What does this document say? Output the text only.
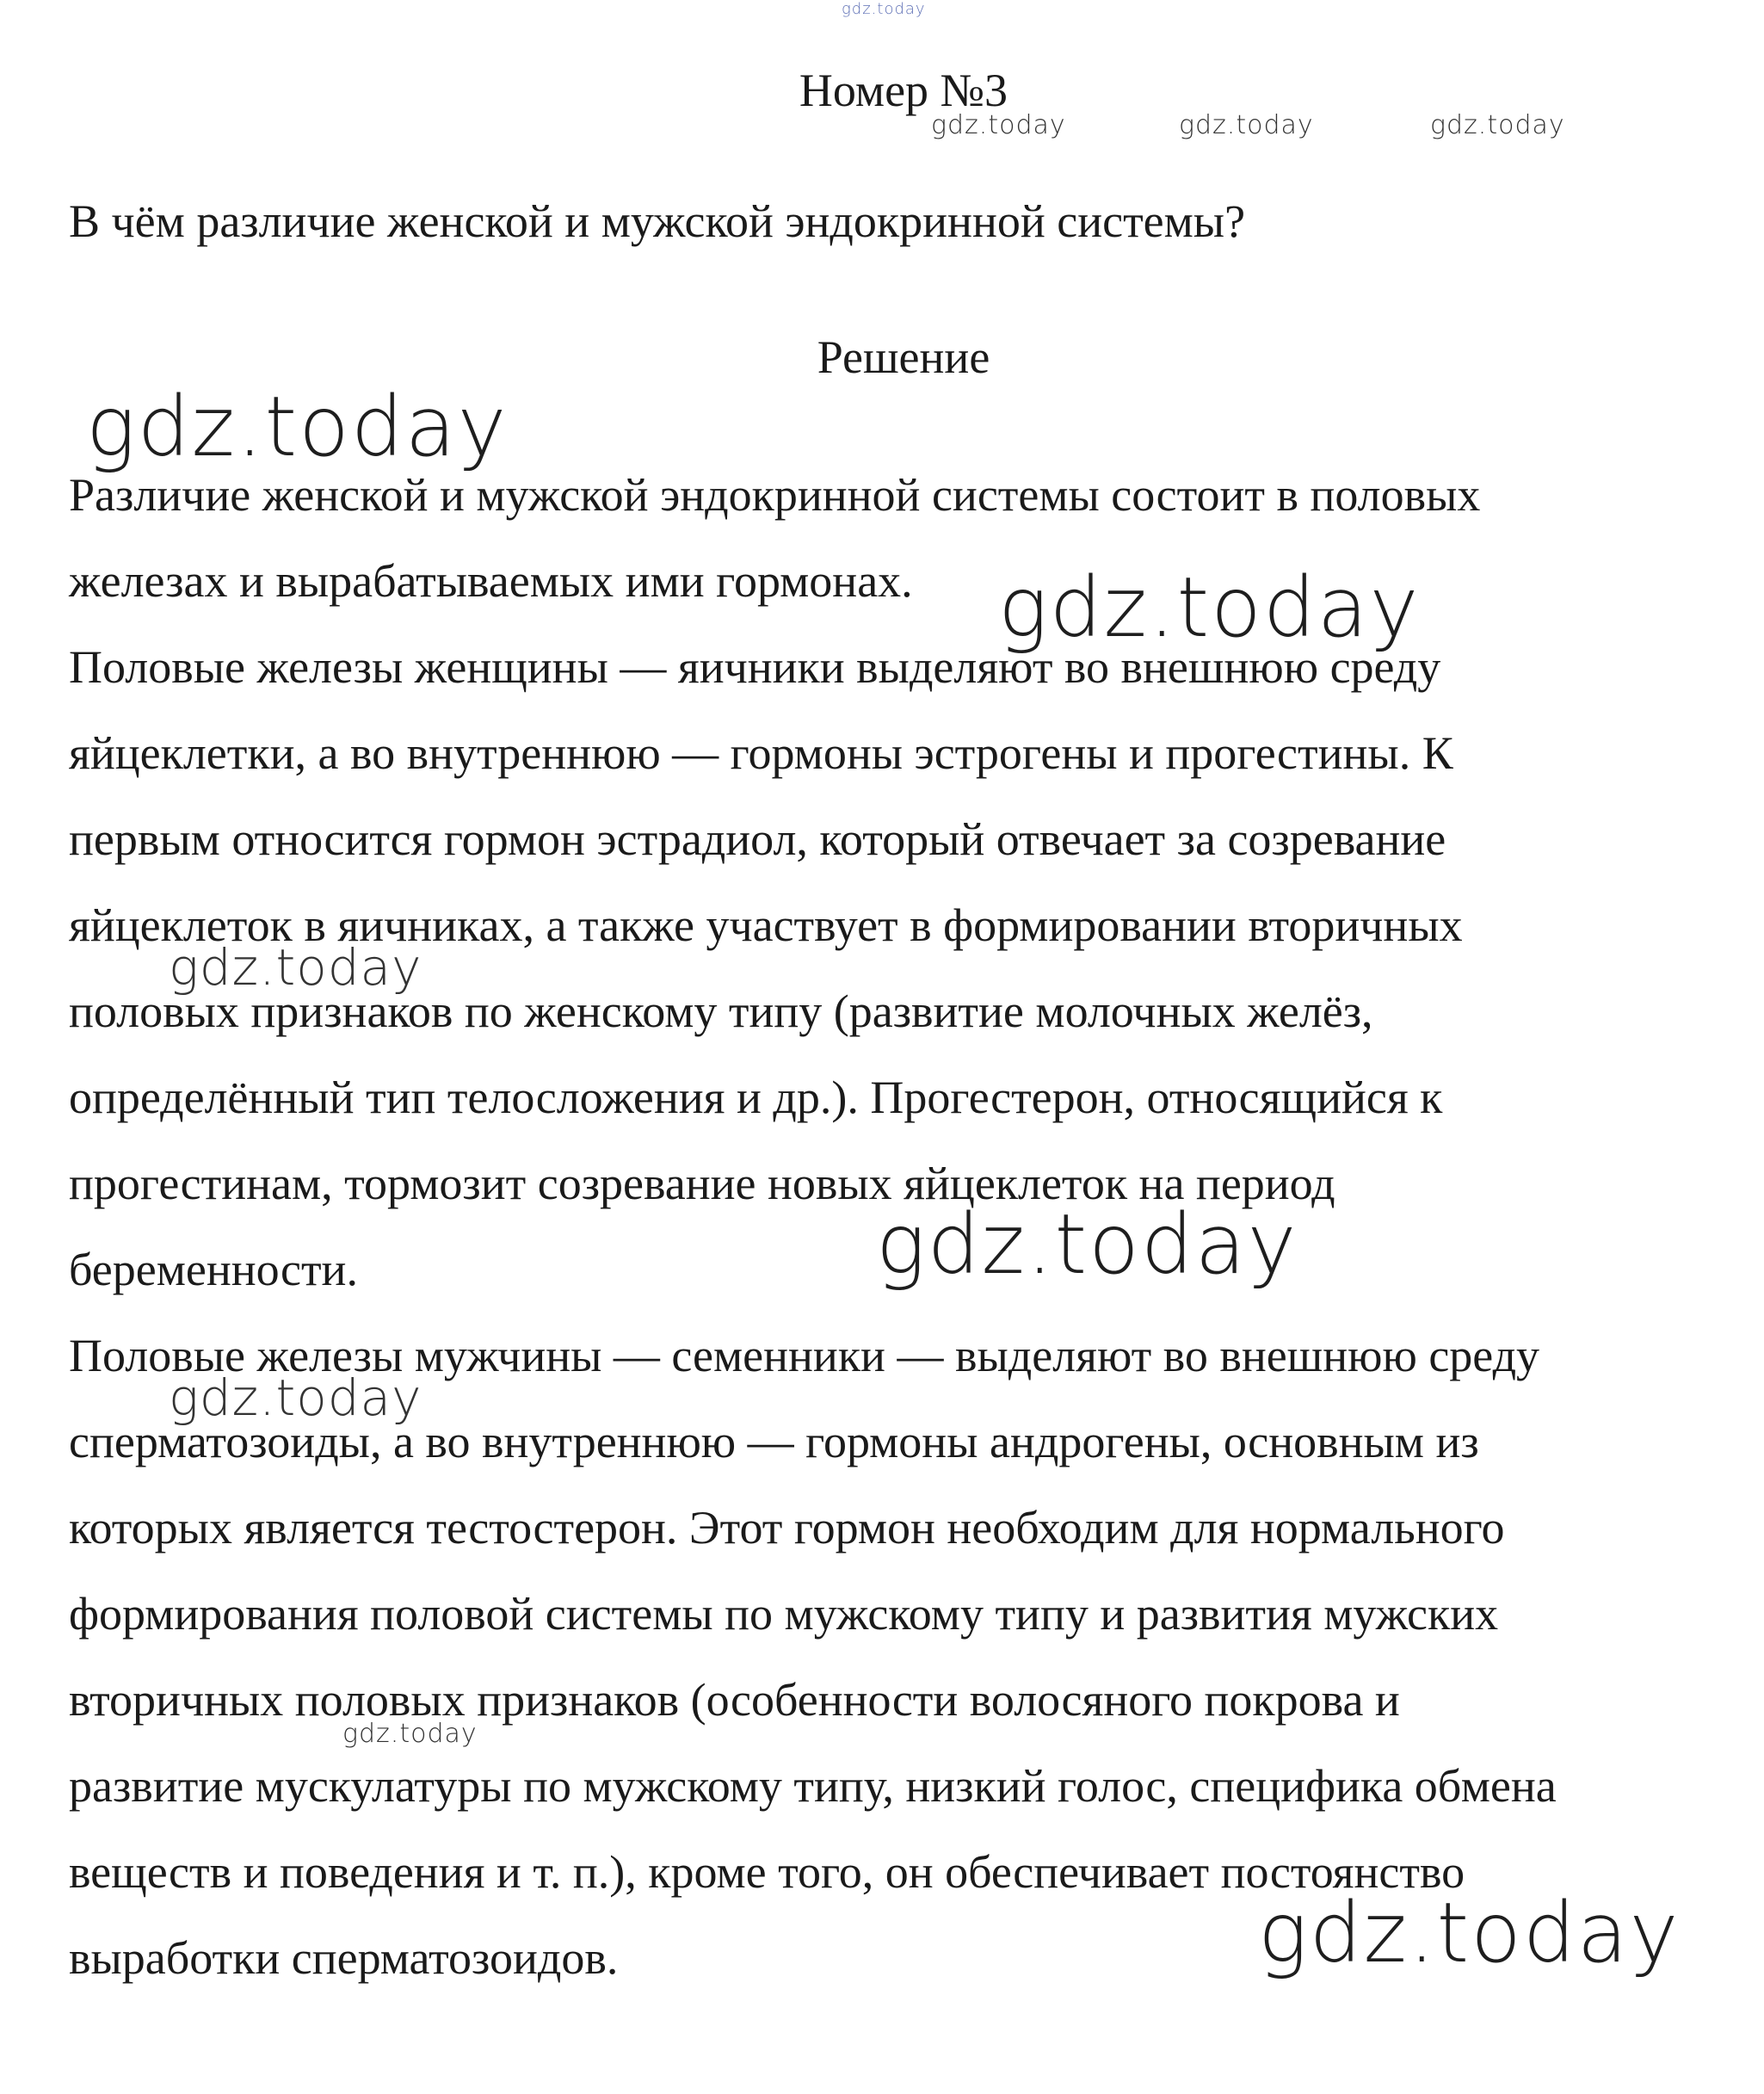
Номер №3

В чём различие женской и мужской эндокринной системы?

Решение

Различие женской и мужской эндокринной системы состоит в половых

железах и вырабатываемых ими гормонах.

Половые железы женщины — яичники выделяют во внешнюю среду

яйцеклетки, а во внутреннюю — гормоны эстрогены и прогестины. К

первым относится гормон эстрадиол, который отвечает за созревание

яйцеклеток в яичниках, а также участвует в формировании вторичных

половых признаков по женскому типу (развитие молочных желёз,

определённый тип телосложения и др.). Прогестерон, относящийся к

прогестинам, тормозит созревание новых яйцеклеток на период

беременности.

Половые железы мужчины — семенники — выделяют во внешнюю среду

сперматозоиды, а во внутреннюю — гормоны андрогены, основным из

которых является тестостерон. Этот гормон необходим для нормального

формирования половой системы по мужскому типу и развития мужских

вторичных половых признаков (особенности волосяного покрова и

развитие мускулатуры по мужскому типу, низкий голос, специфика обмена

веществ и поведения и т. п.), кроме того, он обеспечивает постоянство

выработки сперматозоидов.

gdz.today
gdz.today	gdz.today	gdz.today
gdz.today
gdz.today
gdz.today
gdz.today
gdz.today
gdz.today
gdz.today
